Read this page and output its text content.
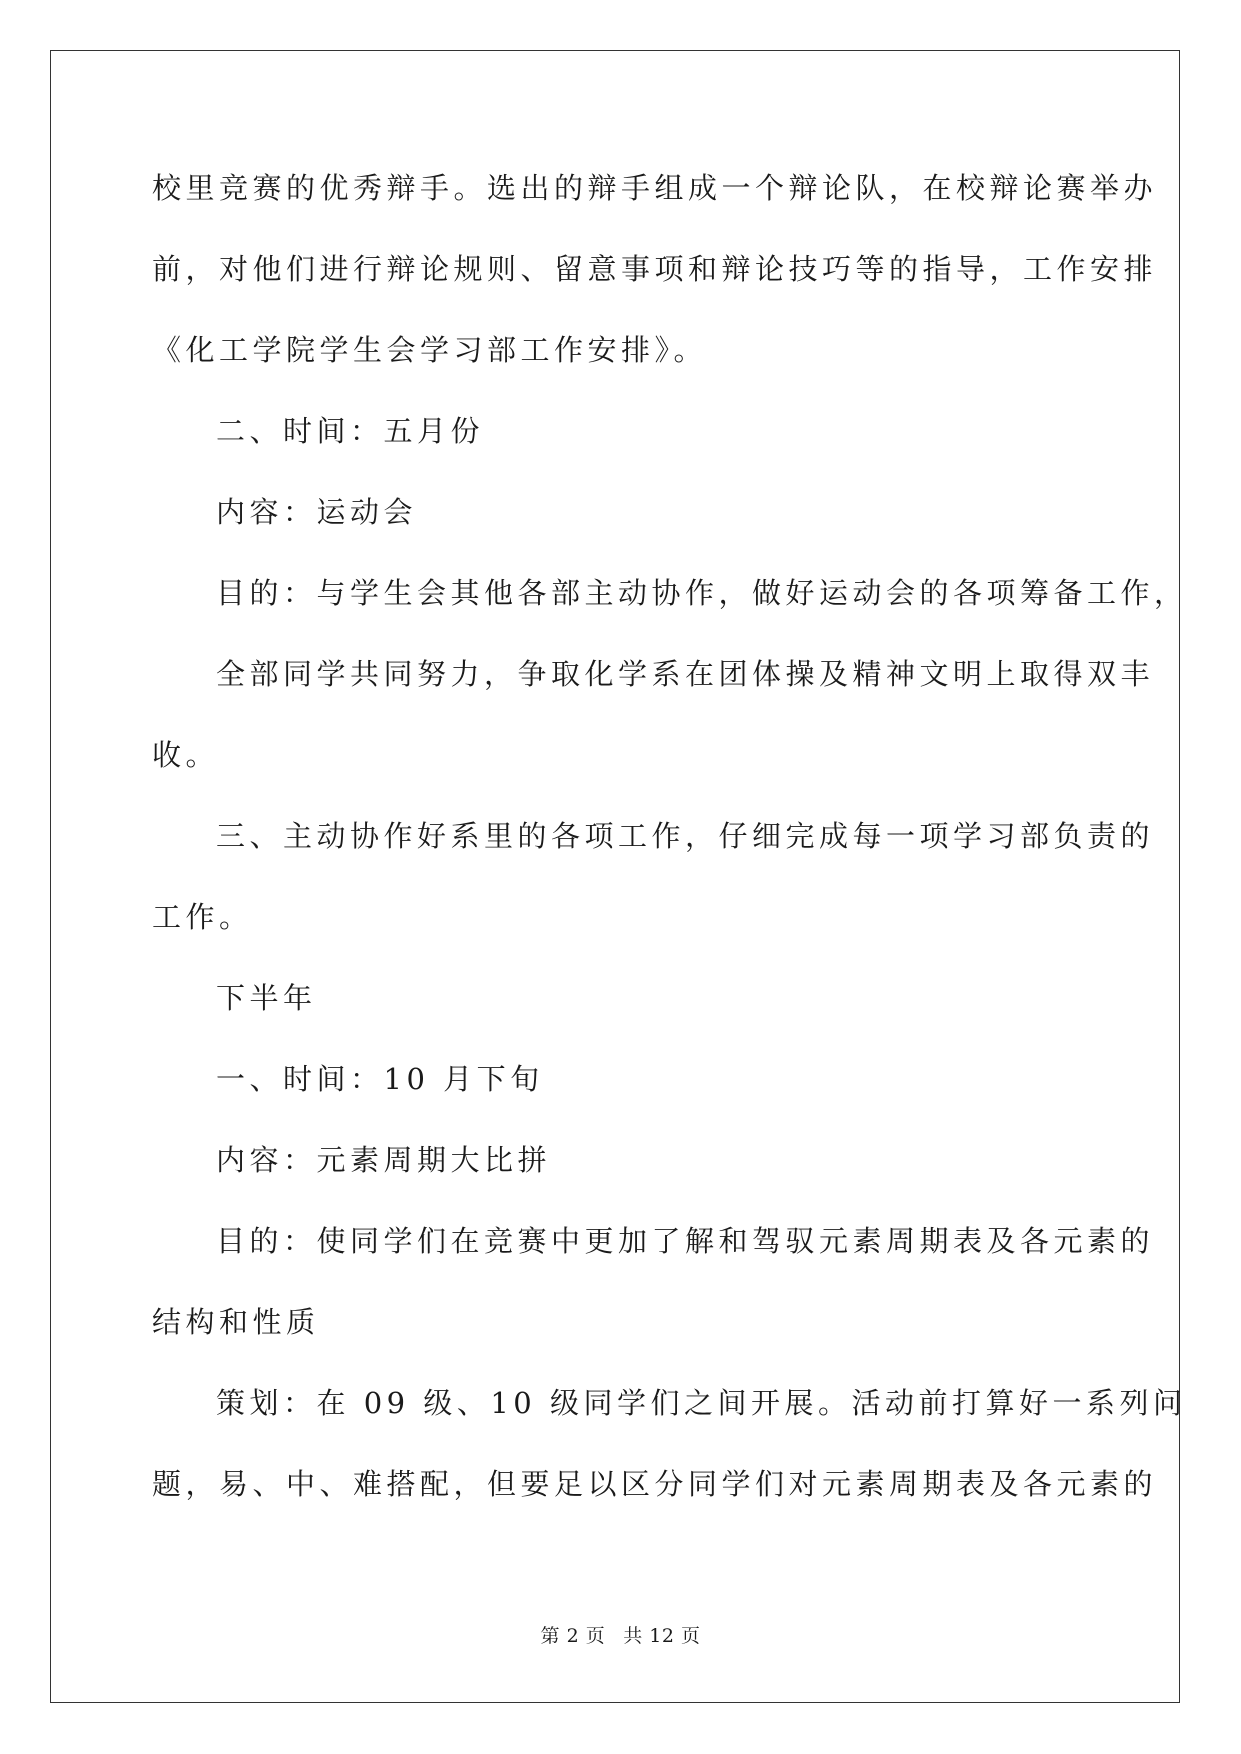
校里竞赛的优秀辩手。选出的辩手组成一个辩论队，在校辩论赛举办
前，对他们进行辩论规则、留意事项和辩论技巧等的指导，工作安排
《化工学院学生会学习部工作安排》。
二、时间：五月份
内容：运动会
目的：与学生会其他各部主动协作，做好运动会的各项筹备工作，
全部同学共同努力，争取化学系在团体操及精神文明上取得双丰
收。
三、主动协作好系里的各项工作，仔细完成每一项学习部负责的
工作。
下半年
一、时间：10 月下旬
内容：元素周期大比拼
目的：使同学们在竞赛中更加了解和驾驭元素周期表及各元素的
结构和性质
策划：在 09 级、10 级同学们之间开展。活动前打算好一系列问
题，易、中、难搭配，但要足以区分同学们对元素周期表及各元素的
第 2 页 共 12 页
